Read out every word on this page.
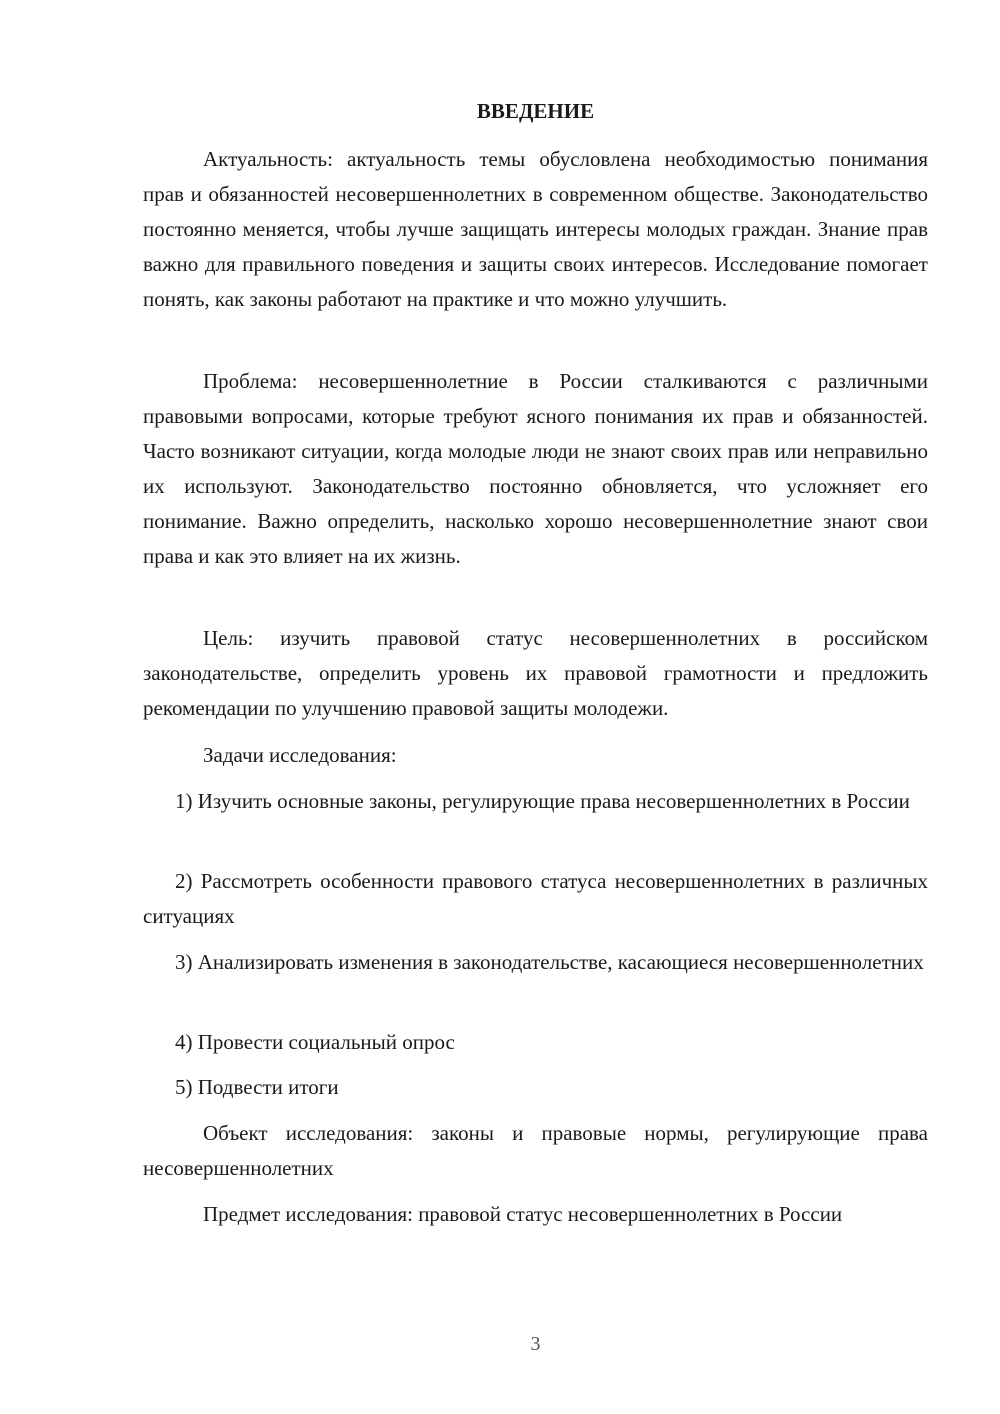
ВВЕДЕНИЕ

Актуальность: актуальность темы обусловлена необходимостью понимания прав и обязанностей несовершеннолетних в современном обществе. Законодательство постоянно меняется, чтобы лучше защищать интересы молодых граждан. Знание прав важно для правильного поведения и защиты своих интересов. Исследование помогает понять, как законы работают на практике и что можно улучшить.

Проблема: несовершеннолетние в России сталкиваются с различными правовыми вопросами, которые требуют ясного понимания их прав и обязанностей. Часто возникают ситуации, когда молодые люди не знают своих прав или неправильно их используют. Законодательство постоянно обновляется, что усложняет его понимание. Важно определить, насколько хорошо несовершеннолетние знают свои права и как это влияет на их жизнь.

Цель: изучить правовой статус несовершеннолетних в российском законодательстве, определить уровень их правовой грамотности и предложить рекомендации по улучшению правовой защиты молодежи.

Задачи исследования:

1) Изучить основные законы, регулирующие права несовершеннолетних в России

2) Рассмотреть особенности правового статуса несовершеннолетних в различных ситуациях

3) Анализировать изменения в законодательстве, касающиеся несовершеннолетних

4) Провести социальный опрос

5) Подвести итоги

Объект исследования: законы и правовые нормы, регулирующие права несовершеннолетних

Предмет исследования: правовой статус несовершеннолетних в России

3
